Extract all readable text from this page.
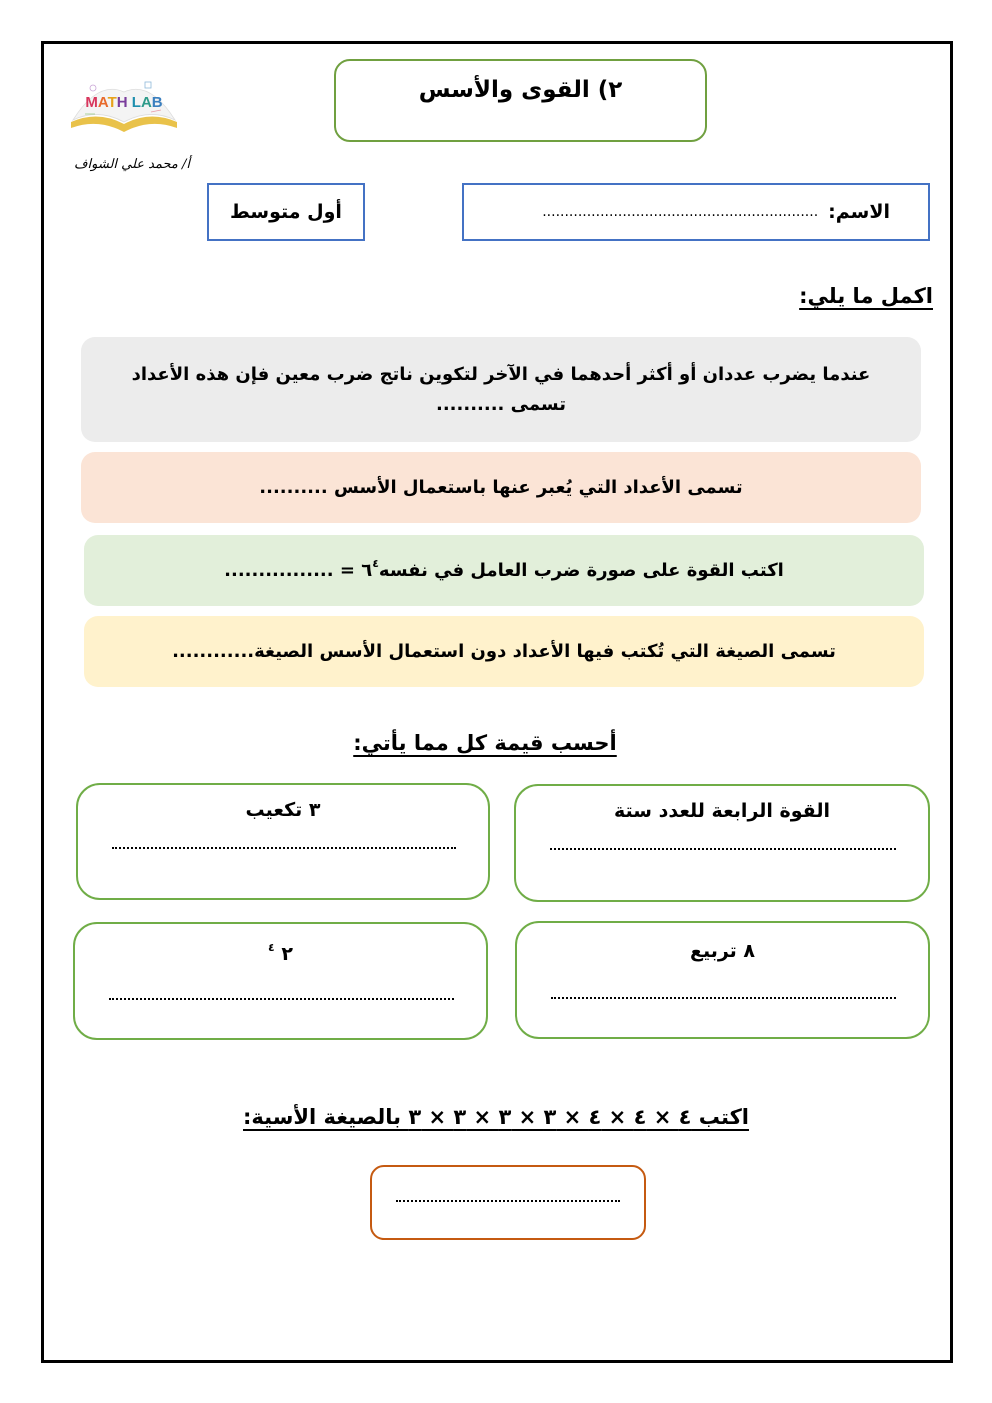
MATH LAB
أ/ محمد علي الشواف
٢) القوى والأسس
الاسم:
..............................................................
أول متوسط
اكمل ما يلي:
عندما يضرب عددان أو أكثر أحدهما في الآخر لتكوين ناتج ضرب معين فإن هذه الأعداد تسمى ..........
تسمى الأعداد التي يُعبر عنها باستعمال الأسس ..........
اكتب القوة على صورة ضرب العامل في $نفسه٦^٤$ = ................
تسمى الصيغة التي تُكتب فيها الأعداد دون استعمال الأسس الصيغة............
أحسب قيمة كل مما يأتي:
القوة الرابعة للعدد ستة
٣ تكعيب
٨ تربيع
٢ $^٤$
اكتب ٤ × ٤ × ٤ × ٣ × ٣ × ٣ × ٣ بالصيغة الأسية:
